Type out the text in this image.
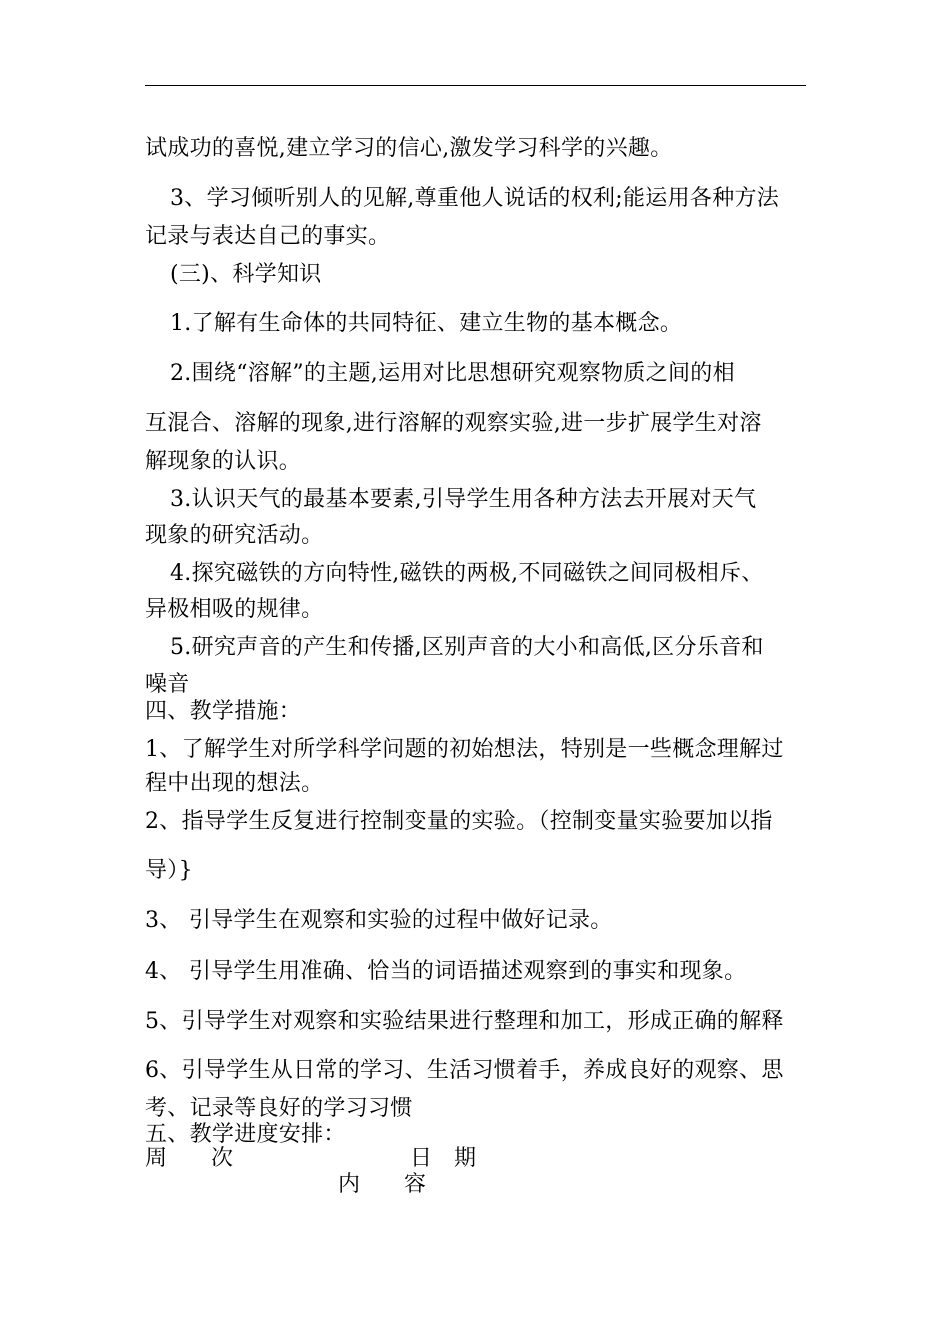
试成功的喜悦,建立学习的信心,激发学习科学的兴趣。
3、学习倾听别人的见解,尊重他人说话的权利;能运用各种方法
记录与表达自己的事实。
(三)、科学知识
1.了解有生命体的共同特征、建立生物的基本概念。
2.围绕“溶解”的主题,运用对比思想研究观察物质之间的相
互混合、溶解的现象,进行溶解的观察实验,进一步扩展学生对溶
解现象的认识。
3.认识天气的最基本要素,引导学生用各种方法去开展对天气
现象的研究活动。
4.探究磁铁的方向特性,磁铁的两极,不同磁铁之间同极相斥、
异极相吸的规律。
5.研究声音的产生和传播,区别声音的大小和高低,区分乐音和
噪音
四、教学措施：
1、了解学生对所学科学问题的初始想法，特别是一些概念理解过
程中出现的想法。
2、指导学生反复进行控制变量的实验。（控制变量实验要加以指
导）}
3、 引导学生在观察和实验的过程中做好记录。
4、 引导学生用准确、恰当的词语描述观察到的事实和现象。
5、引导学生对观察和实验结果进行整理和加工，形成正确的解释
6、引导学生从日常的学习、生活习惯着手，养成良好的观察、思
考、记录等良好的学习习惯
五、教学进度安排：
周　　次	日　期
内　　容
